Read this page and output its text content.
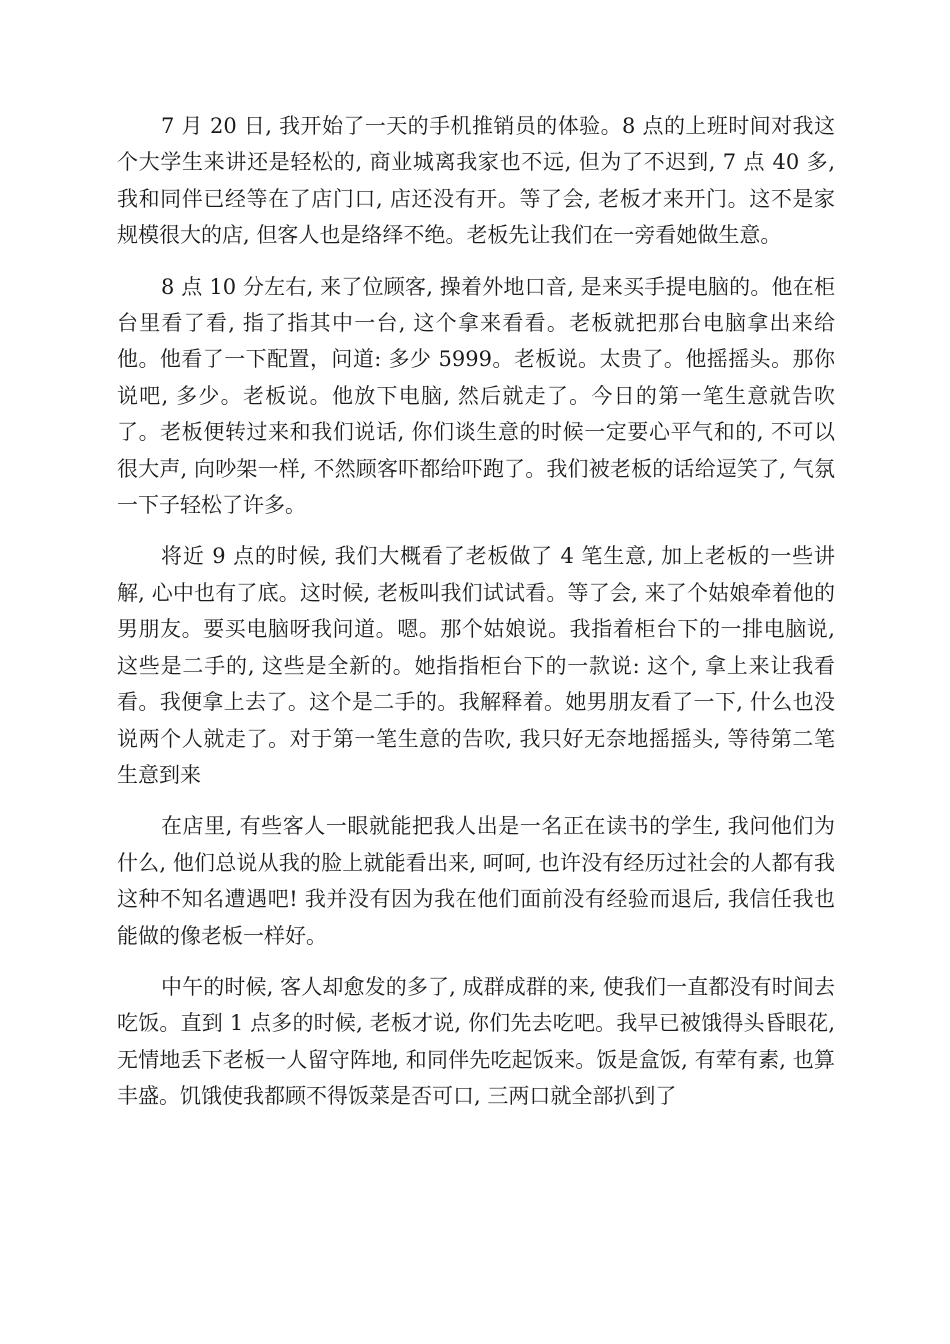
7 月 20 日, 我开始了一天的手机推销员的体验。8 点的上班时间对我这个大学生来讲还是轻松的, 商业城离我家也不远, 但为了不迟到, 7 点 40 多, 我和同伴已经等在了店门口, 店还没有开。等了会, 老板才来开门。这不是家规模很大的店, 但客人也是络绎不绝。老板先让我们在一旁看她做生意。

8 点 10 分左右, 来了位顾客, 操着外地口音, 是来买手提电脑的。他在柜台里看了看, 指了指其中一台, 这个拿来看看。老板就把那台电脑拿出来给他。他看了一下配置，问道: 多少 5999。老板说。太贵了。他摇摇头。那你说吧, 多少。老板说。他放下电脑, 然后就走了。今日的第一笔生意就告吹了。老板便转过来和我们说话, 你们谈生意的时候一定要心平气和的, 不可以很大声, 向吵架一样, 不然顾客吓都给吓跑了。我们被老板的话给逗笑了, 气氛一下子轻松了许多。

将近 9 点的时候, 我们大概看了老板做了 4 笔生意, 加上老板的一些讲解, 心中也有了底。这时候, 老板叫我们试试看。等了会, 来了个姑娘牵着他的男朋友。要买电脑呀我问道。嗯。那个姑娘说。我指着柜台下的一排电脑说, 这些是二手的, 这些是全新的。她指指柜台下的一款说: 这个, 拿上来让我看看。我便拿上去了。这个是二手的。我解释着。她男朋友看了一下, 什么也没说两个人就走了。对于第一笔生意的告吹, 我只好无奈地摇摇头, 等待第二笔生意到来

在店里, 有些客人一眼就能把我人出是一名正在读书的学生, 我问他们为什么, 他们总说从我的脸上就能看出来, 呵呵, 也许没有经历过社会的人都有我这种不知名遭遇吧! 我并没有因为我在他们面前没有经验而退后, 我信任我也能做的像老板一样好。

中午的时候, 客人却愈发的多了, 成群成群的来, 使我们一直都没有时间去吃饭。直到 1 点多的时候, 老板才说, 你们先去吃吧。我早已被饿得头昏眼花, 无情地丢下老板一人留守阵地, 和同伴先吃起饭来。饭是盒饭, 有荤有素, 也算丰盛。饥饿使我都顾不得饭菜是否可口, 三两口就全部扒到了
